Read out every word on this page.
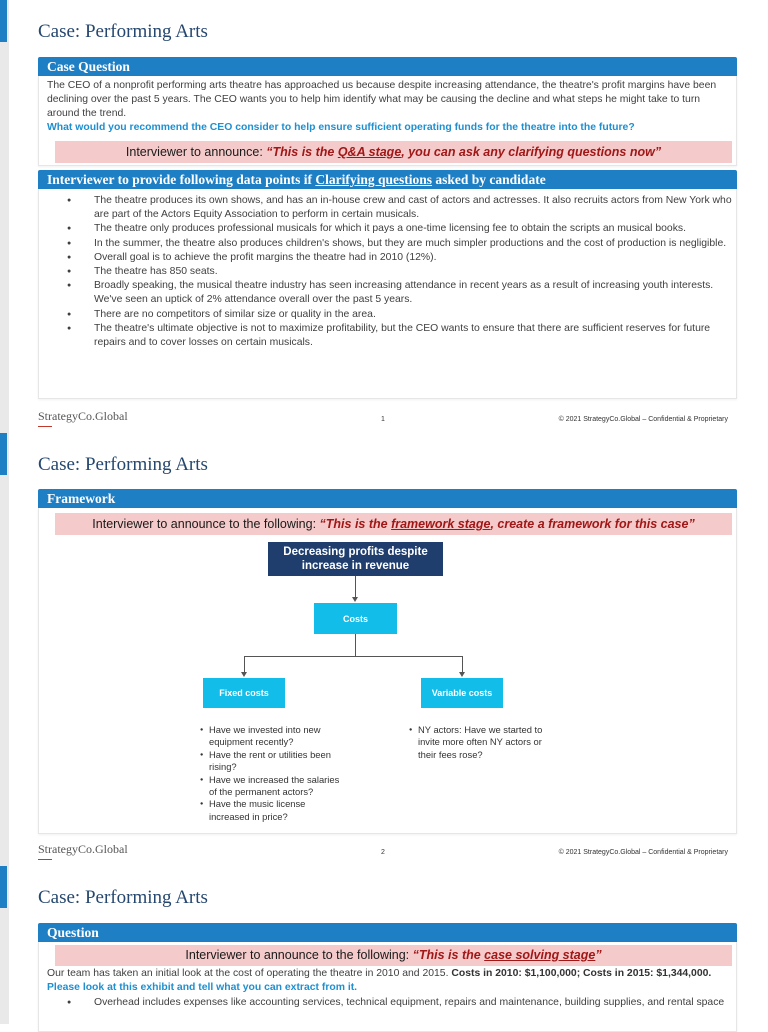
Case: Performing Arts
Case Question
The CEO of a nonprofit performing arts theatre has approached us because despite increasing attendance, the theatre's profit margins have been declining over the past 5 years. The CEO wants you to help him identify what may be causing the decline and what steps he might take to turn around the trend.
What would you recommend the CEO consider to help ensure sufficient operating funds for the theatre into the future?
Interviewer to announce: “This is the Q&A stage, you can ask any clarifying questions now”
Interviewer to provide following data points if Clarifying questions asked by candidate
● The theatre produces its own shows, and has an in-house crew and cast of actors and actresses. It also recruits actors from New York who are part of the Actors Equity Association to perform in certain musicals.
● The theatre only produces professional musicals for which it pays a one-time licensing fee to obtain the scripts an musical books.
● In the summer, the theatre also produces children's shows, but they are much simpler productions and the cost of production is negligible.
● Overall goal is to achieve the profit margins the theatre had in 2010 (12%).
● The theatre has 850 seats.
● Broadly speaking, the musical theatre industry has seen increasing attendance in recent years as a result of increasing youth interests. We've seen an uptick of 2% attendance overall over the past 5 years.
● There are no competitors of similar size or quality in the area.
● The theatre's ultimate objective is not to maximize profitability, but the CEO wants to ensure that there are sufficient reserves for future repairs and to cover losses on certain musicals.
StrategyCo.Global	1	© 2021 StrategyCo.Global – Confidential & Proprietary
Case: Performing Arts
Framework
Interviewer to announce to the following: “This is the framework stage, create a framework for this case”
Decreasing profits despite increase in revenue
Costs
Fixed costs	Variable costs
● Have we invested into new equipment recently?
● Have the rent or utilities been rising?
● Have we increased the salaries of the permanent actors?
● Have the music license increased in price?
● NY actors: Have we started to invite more often NY actors or their fees rose?
StrategyCo.Global	2	© 2021 StrategyCo.Global – Confidential & Proprietary
Case: Performing Arts
Question
Interviewer to announce to the following: “This is the case solving stage”
Our team has taken an initial look at the cost of operating the theatre in 2010 and 2015. Costs in 2010: $1,100,000; Costs in 2015: $1,344,000. Please look at this exhibit and tell what you can extract from it.
● Overhead includes expenses like accounting services, technical equipment, repairs and maintenance, building supplies, and rental space
